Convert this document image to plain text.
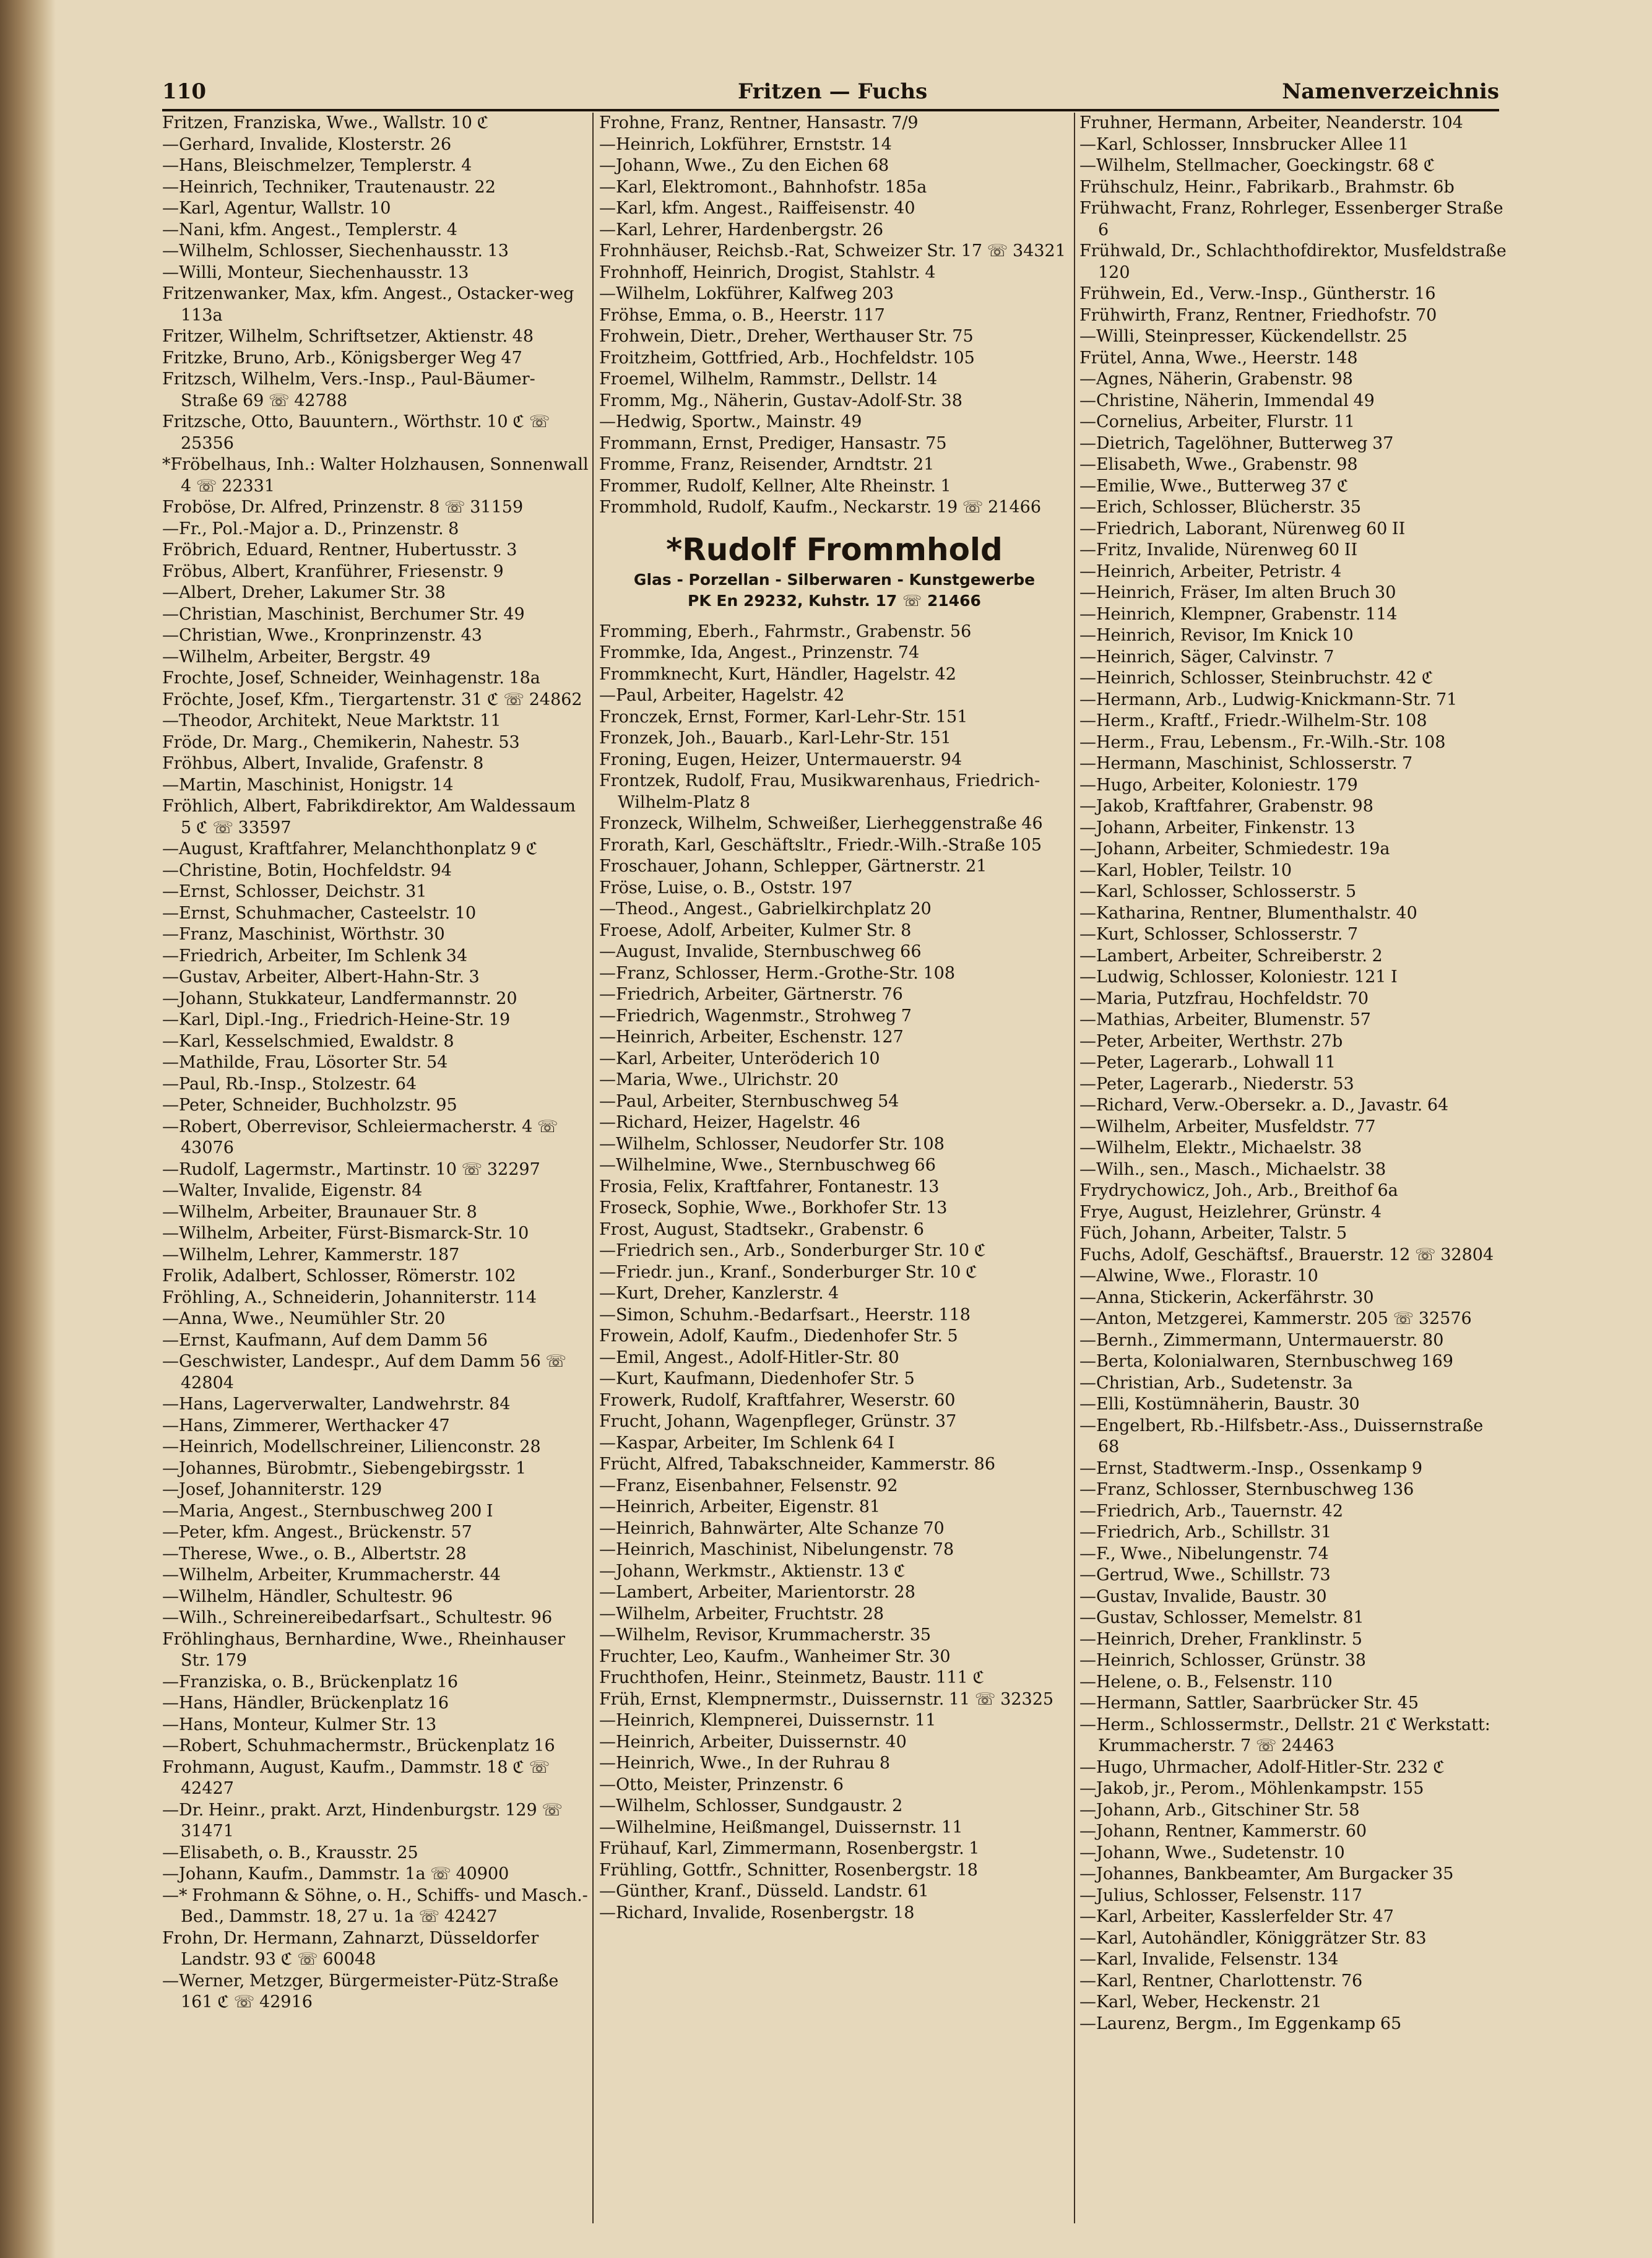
110	Fritzen — Fuchs	Namenverzeichnis
Fritzen, Franziska, Wwe., Wallstr. 10 ℭ
—Gerhard, Invalide, Klosterstr. 26
—Hans, Bleischmelzer, Templerstr. 4
—Heinrich, Techniker, Trautenaustr. 22
—Karl, Agentur, Wallstr. 10
—Nani, kfm. Angest., Templerstr. 4
—Wilhelm, Schlosser, Siechenhausstr. 13
—Willi, Monteur, Siechenhausstr. 13
Fritzenwanker, Max, kfm. Angest., Ostacker-weg 113a
Fritzer, Wilhelm, Schriftsetzer, Aktienstr. 48
Fritzke, Bruno, Arb., Königsberger Weg 47
Fritzsch, Wilhelm, Vers.-Insp., Paul-Bäumer-Straße 69 ☏ 42788
Fritzsche, Otto, Bauuntern., Wörthstr. 10 ℭ ☏ 25356
*Fröbelhaus, Inh.: Walter Holzhausen, Sonnenwall 4 ☏ 22331
Froböse, Dr. Alfred, Prinzenstr. 8 ☏ 31159
—Fr., Pol.-Major a. D., Prinzenstr. 8
Fröbrich, Eduard, Rentner, Hubertusstr. 3
Fröbus, Albert, Kranführer, Friesenstr. 9
—Albert, Dreher, Lakumer Str. 38
—Christian, Maschinist, Berchumer Str. 49
—Christian, Wwe., Kronprinzenstr. 43
—Wilhelm, Arbeiter, Bergstr. 49
Frochte, Josef, Schneider, Weinhagenstr. 18a
Fröchte, Josef, Kfm., Tiergartenstr. 31 ℭ ☏ 24862
—Theodor, Architekt, Neue Marktstr. 11
Fröde, Dr. Marg., Chemikerin, Nahestr. 53
Fröhbus, Albert, Invalide, Grafenstr. 8
—Martin, Maschinist, Honigstr. 14
Fröhlich, Albert, Fabrikdirektor, Am Waldessaum 5 ℭ ☏ 33597
—August, Kraftfahrer, Melanchthonplatz 9 ℭ
—Christine, Botin, Hochfeldstr. 94
—Ernst, Schlosser, Deichstr. 31
—Ernst, Schuhmacher, Casteelstr. 10
—Franz, Maschinist, Wörthstr. 30
—Friedrich, Arbeiter, Im Schlenk 34
—Gustav, Arbeiter, Albert-Hahn-Str. 3
—Johann, Stukkateur, Landfermannstr. 20
—Karl, Dipl.-Ing., Friedrich-Heine-Str. 19
—Karl, Kesselschmied, Ewaldstr. 8
—Mathilde, Frau, Lösorter Str. 54
—Paul, Rb.-Insp., Stolzestr. 64
—Peter, Schneider, Buchholzstr. 95
—Robert, Oberrevisor, Schleiermacherstr. 4 ☏ 43076
—Rudolf, Lagermstr., Martinstr. 10 ☏ 32297
—Walter, Invalide, Eigenstr. 84
—Wilhelm, Arbeiter, Braunauer Str. 8
—Wilhelm, Arbeiter, Fürst-Bismarck-Str. 10
—Wilhelm, Lehrer, Kammerstr. 187
Frolik, Adalbert, Schlosser, Römerstr. 102
Fröhling, A., Schneiderin, Johanniterstr. 114
—Anna, Wwe., Neumühler Str. 20
—Ernst, Kaufmann, Auf dem Damm 56
—Geschwister, Landespr., Auf dem Damm 56 ☏ 42804
—Hans, Lagerverwalter, Landwehrstr. 84
—Hans, Zimmerer, Werthacker 47
—Heinrich, Modellschreiner, Lilienconstr. 28
—Johannes, Bürobmtr., Siebengebirgsstr. 1
—Josef, Johanniterstr. 129
—Maria, Angest., Sternbuschweg 200 I
—Peter, kfm. Angest., Brückenstr. 57
—Therese, Wwe., o. B., Albertstr. 28
—Wilhelm, Arbeiter, Krummacherstr. 44
—Wilhelm, Händler, Schultestr. 96
—Wilh., Schreinereibedarfsart., Schultestr. 96
Fröhlinghaus, Bernhardine, Wwe., Rheinhauser Str. 179
—Franziska, o. B., Brückenplatz 16
—Hans, Händler, Brückenplatz 16
—Hans, Monteur, Kulmer Str. 13
—Robert, Schuhmachermstr., Brückenplatz 16
Frohmann, August, Kaufm., Dammstr. 18 ℭ ☏ 42427
—Dr. Heinr., prakt. Arzt, Hindenburgstr. 129 ☏ 31471
—Elisabeth, o. B., Krausstr. 25
—Johann, Kaufm., Dammstr. 1a ☏ 40900
—* Frohmann & Söhne, o. H., Schiffs- und Masch.-Bed., Dammstr. 18, 27 u. 1a ☏ 42427
Frohn, Dr. Hermann, Zahnarzt, Düsseldorfer Landstr. 93 ℭ ☏ 60048
—Werner, Metzger, Bürgermeister-Pütz-Straße 161 ℭ ☏ 42916
Frohne, Franz, Rentner, Hansastr. 7/9
—Heinrich, Lokführer, Ernststr. 14
—Johann, Wwe., Zu den Eichen 68
—Karl, Elektromont., Bahnhofstr. 185a
—Karl, kfm. Angest., Raiffeisenstr. 40
—Karl, Lehrer, Hardenbergstr. 26
Frohnhäuser, Reichsb.-Rat, Schweizer Str. 17 ☏ 34321
Frohnhoff, Heinrich, Drogist, Stahlstr. 4
—Wilhelm, Lokführer, Kalfweg 203
Fröhse, Emma, o. B., Heerstr. 117
Frohwein, Dietr., Dreher, Werthauser Str. 75
Froitzheim, Gottfried, Arb., Hochfeldstr. 105
Froemel, Wilhelm, Rammstr., Dellstr. 14
Fromm, Mg., Näherin, Gustav-Adolf-Str. 38
—Hedwig, Sportw., Mainstr. 49
Frommann, Ernst, Prediger, Hansastr. 75
Fromme, Franz, Reisender, Arndtstr. 21
Frommer, Rudolf, Kellner, Alte Rheinstr. 1
Frommhold, Rudolf, Kaufm., Neckarstr. 19 ☏ 21466
*Rudolf Frommhold
Glas - Porzellan - Silberwaren - Kunstgewerbe
PK En 29232, Kuhstr. 17 ☏ 21466
Fromming, Eberh., Fahrmstr., Grabenstr. 56
Frommke, Ida, Angest., Prinzenstr. 74
Frommknecht, Kurt, Händler, Hagelstr. 42
—Paul, Arbeiter, Hagelstr. 42
Fronczek, Ernst, Former, Karl-Lehr-Str. 151
Fronzek, Joh., Bauarb., Karl-Lehr-Str. 151
Froning, Eugen, Heizer, Untermauerstr. 94
Frontzek, Rudolf, Frau, Musikwarenhaus, Friedrich-Wilhelm-Platz 8
Fronzeck, Wilhelm, Schweißer, Lierheggenstraße 46
Frorath, Karl, Geschäftsltr., Friedr.-Wilh.-Straße 105
Froschauer, Johann, Schlepper, Gärtnerstr. 21
Fröse, Luise, o. B., Oststr. 197
—Theod., Angest., Gabrielkirchplatz 20
Froese, Adolf, Arbeiter, Kulmer Str. 8
—August, Invalide, Sternbuschweg 66
—Franz, Schlosser, Herm.-Grothe-Str. 108
—Friedrich, Arbeiter, Gärtnerstr. 76
—Friedrich, Wagenmstr., Strohweg 7
—Heinrich, Arbeiter, Eschenstr. 127
—Karl, Arbeiter, Unteröderich 10
—Maria, Wwe., Ulrichstr. 20
—Paul, Arbeiter, Sternbuschweg 54
—Richard, Heizer, Hagelstr. 46
—Wilhelm, Schlosser, Neudorfer Str. 108
—Wilhelmine, Wwe., Sternbuschweg 66
Frosia, Felix, Kraftfahrer, Fontanestr. 13
Froseck, Sophie, Wwe., Borkhofer Str. 13
Frost, August, Stadtsekr., Grabenstr. 6
—Friedrich sen., Arb., Sonderburger Str. 10 ℭ
—Friedr. jun., Kranf., Sonderburger Str. 10 ℭ
—Kurt, Dreher, Kanzlerstr. 4
—Simon, Schuhm.-Bedarfsart., Heerstr. 118
Frowein, Adolf, Kaufm., Diedenhofer Str. 5
—Emil, Angest., Adolf-Hitler-Str. 80
—Kurt, Kaufmann, Diedenhofer Str. 5
Frowerk, Rudolf, Kraftfahrer, Weserstr. 60
Frucht, Johann, Wagenpfleger, Grünstr. 37
—Kaspar, Arbeiter, Im Schlenk 64 I
Frücht, Alfred, Tabakschneider, Kammerstr. 86
—Franz, Eisenbahner, Felsenstr. 92
—Heinrich, Arbeiter, Eigenstr. 81
—Heinrich, Bahnwärter, Alte Schanze 70
—Heinrich, Maschinist, Nibelungenstr. 78
—Johann, Werkmstr., Aktienstr. 13 ℭ
—Lambert, Arbeiter, Marientorstr. 28
—Wilhelm, Arbeiter, Fruchtstr. 28
—Wilhelm, Revisor, Krummacherstr. 35
Fruchter, Leo, Kaufm., Wanheimer Str. 30
Fruchthofen, Heinr., Steinmetz, Baustr. 111 ℭ
Früh, Ernst, Klempnermstr., Duissernstr. 11 ☏ 32325
—Heinrich, Klempnerei, Duissernstr. 11
—Heinrich, Arbeiter, Duissernstr. 40
—Heinrich, Wwe., In der Ruhrau 8
—Otto, Meister, Prinzenstr. 6
—Wilhelm, Schlosser, Sundgaustr. 2
—Wilhelmine, Heißmangel, Duissernstr. 11
Frühauf, Karl, Zimmermann, Rosenbergstr. 1
Frühling, Gottfr., Schnitter, Rosenbergstr. 18
—Günther, Kranf., Düsseld. Landstr. 61
—Richard, Invalide, Rosenbergstr. 18
Fruhner, Hermann, Arbeiter, Neanderstr. 104
—Karl, Schlosser, Innsbrucker Allee 11
—Wilhelm, Stellmacher, Goeckingstr. 68 ℭ
Frühschulz, Heinr., Fabrikarb., Brahmstr. 6b
Frühwacht, Franz, Rohrleger, Essenberger Straße 6
Frühwald, Dr., Schlachthofdirektor, Musfeldstraße 120
Frühwein, Ed., Verw.-Insp., Güntherstr. 16
Frühwirth, Franz, Rentner, Friedhofstr. 70
—Willi, Steinpresser, Kückendellstr. 25
Frütel, Anna, Wwe., Heerstr. 148
—Agnes, Näherin, Grabenstr. 98
—Christine, Näherin, Immendal 49
—Cornelius, Arbeiter, Flurstr. 11
—Dietrich, Tagelöhner, Butterweg 37
—Elisabeth, Wwe., Grabenstr. 98
—Emilie, Wwe., Butterweg 37 ℭ
—Erich, Schlosser, Blücherstr. 35
—Friedrich, Laborant, Nürenweg 60 II
—Fritz, Invalide, Nürenweg 60 II
—Heinrich, Arbeiter, Petristr. 4
—Heinrich, Fräser, Im alten Bruch 30
—Heinrich, Klempner, Grabenstr. 114
—Heinrich, Revisor, Im Knick 10
—Heinrich, Säger, Calvinstr. 7
—Heinrich, Schlosser, Steinbruchstr. 42 ℭ
—Hermann, Arb., Ludwig-Knickmann-Str. 71
—Herm., Kraftf., Friedr.-Wilhelm-Str. 108
—Herm., Frau, Lebensm., Fr.-Wilh.-Str. 108
—Hermann, Maschinist, Schlosserstr. 7
—Hugo, Arbeiter, Koloniestr. 179
—Jakob, Kraftfahrer, Grabenstr. 98
—Johann, Arbeiter, Finkenstr. 13
—Johann, Arbeiter, Schmiedestr. 19a
—Karl, Hobler, Teilstr. 10
—Karl, Schlosser, Schlosserstr. 5
—Katharina, Rentner, Blumenthalstr. 40
—Kurt, Schlosser, Schlosserstr. 7
—Lambert, Arbeiter, Schreiberstr. 2
—Ludwig, Schlosser, Koloniestr. 121 I
—Maria, Putzfrau, Hochfeldstr. 70
—Mathias, Arbeiter, Blumenstr. 57
—Peter, Arbeiter, Werthstr. 27b
—Peter, Lagerarb., Lohwall 11
—Peter, Lagerarb., Niederstr. 53
—Richard, Verw.-Obersekr. a. D., Javastr. 64
—Wilhelm, Arbeiter, Musfeldstr. 77
—Wilhelm, Elektr., Michaelstr. 38
—Wilh., sen., Masch., Michaelstr. 38
Frydrychowicz, Joh., Arb., Breithof 6a
Frye, August, Heizlehrer, Grünstr. 4
Füch, Johann, Arbeiter, Talstr. 5
Fuchs, Adolf, Geschäftsf., Brauerstr. 12 ☏ 32804
—Alwine, Wwe., Florastr. 10
—Anna, Stickerin, Ackerfährstr. 30
—Anton, Metzgerei, Kammerstr. 205 ☏ 32576
—Bernh., Zimmermann, Untermauerstr. 80
—Berta, Kolonialwaren, Sternbuschweg 169
—Christian, Arb., Sudetenstr. 3a
—Elli, Kostümnäherin, Baustr. 30
—Engelbert, Rb.-Hilfsbetr.-Ass., Duissernstraße 68
—Ernst, Stadtwerm.-Insp., Ossenkamp 9
—Franz, Schlosser, Sternbuschweg 136
—Friedrich, Arb., Tauernstr. 42
—Friedrich, Arb., Schillstr. 31
—F., Wwe., Nibelungenstr. 74
—Gertrud, Wwe., Schillstr. 73
—Gustav, Invalide, Baustr. 30
—Gustav, Schlosser, Memelstr. 81
—Heinrich, Dreher, Franklinstr. 5
—Heinrich, Schlosser, Grünstr. 38
—Helene, o. B., Felsenstr. 110
—Hermann, Sattler, Saarbrücker Str. 45
—Herm., Schlossermstr., Dellstr. 21 ℭ Werkstatt: Krummacherstr. 7 ☏ 24463
—Hugo, Uhrmacher, Adolf-Hitler-Str. 232 ℭ
—Jakob, jr., Perom., Möhlenkampstr. 155
—Johann, Arb., Gitschiner Str. 58
—Johann, Rentner, Kammerstr. 60
—Johann, Wwe., Sudetenstr. 10
—Johannes, Bankbeamter, Am Burgacker 35
—Julius, Schlosser, Felsenstr. 117
—Karl, Arbeiter, Kasslerfelder Str. 47
—Karl, Autohändler, Königgrätzer Str. 83
—Karl, Invalide, Felsenstr. 134
—Karl, Rentner, Charlottenstr. 76
—Karl, Weber, Heckenstr. 21
—Laurenz, Bergm., Im Eggenkamp 65
